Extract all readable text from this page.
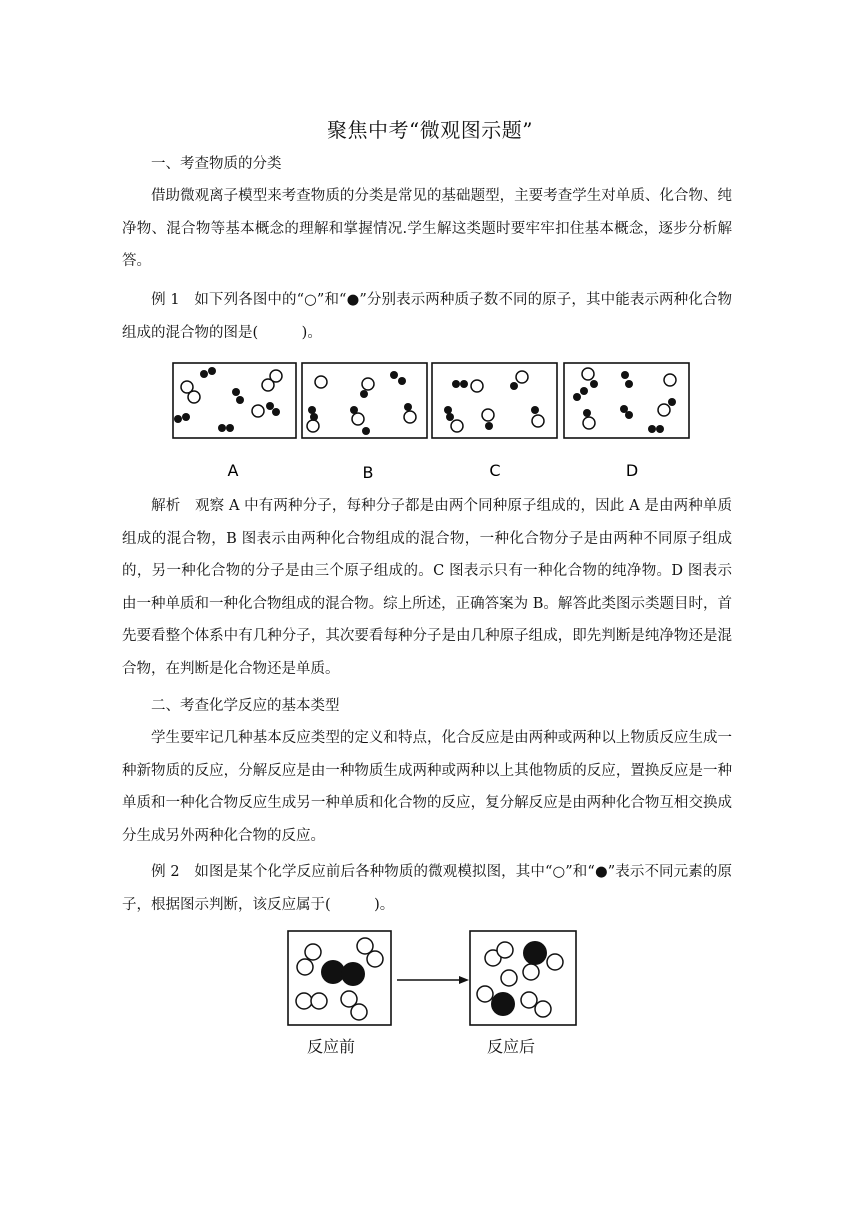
聚焦中考“微观图示题”
一、考查物质的分类

借助微观离子模型来考查物质的分类是常见的基础题型，主要考查学生对单质、化合物、纯净物、混合物等基本概念的理解和掌握情况.学生解这类题时要牢牢扣住基本概念，逐步分析解答。

例 1　如下列各图中的“○”和“●”分别表示两种质子数不同的原子，其中能表示两种化合物组成的混合物的图是(　　　)。

A	B	C	D

解析　观察 A 中有两种分子，每种分子都是由两个同种原子组成的，因此 A 是由两种单质组成的混合物，B 图表示由两种化合物组成的混合物，一种化合物分子是由两种不同原子组成的，另一种化合物的分子是由三个原子组成的。C 图表示只有一种化合物的纯净物。D 图表示由一种单质和一种化合物组成的混合物。综上所述，正确答案为 B。解答此类图示类题目时，首先要看整个体系中有几种分子，其次要看每种分子是由几种原子组成，即先判断是纯净物还是混合物，在判断是化合物还是单质。

二、考查化学反应的基本类型

学生要牢记几种基本反应类型的定义和特点，化合反应是由两种或两种以上物质反应生成一种新物质的反应，分解反应是由一种物质生成两种或两种以上其他物质的反应，置换反应是一种单质和一种化合物反应生成另一种单质和化合物的反应，复分解反应是由两种化合物互相交换成分生成另外两种化合物的反应。

例 2　如图是某个化学反应前后各种物质的微观模拟图，其中“○”和“●”表示不同元素的原子，根据图示判断，该反应属于(　　　)。

反应前	反应后
